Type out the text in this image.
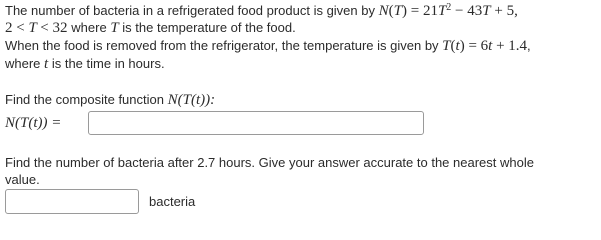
The number of bacteria in a refrigerated food product is given by $N(T) = 21T^2 - 43T + 5$,
2 < T < 32 where T is the temperature of the food.
When the food is removed from the refrigerator, the temperature is given by T(t) = 6t + 1.4,
where t is the time in hours.
Find the composite function N(T(t)):
N(T(t)) =
Find the number of bacteria after 2.7 hours. Give your answer accurate to the nearest whole
value.
bacteria
